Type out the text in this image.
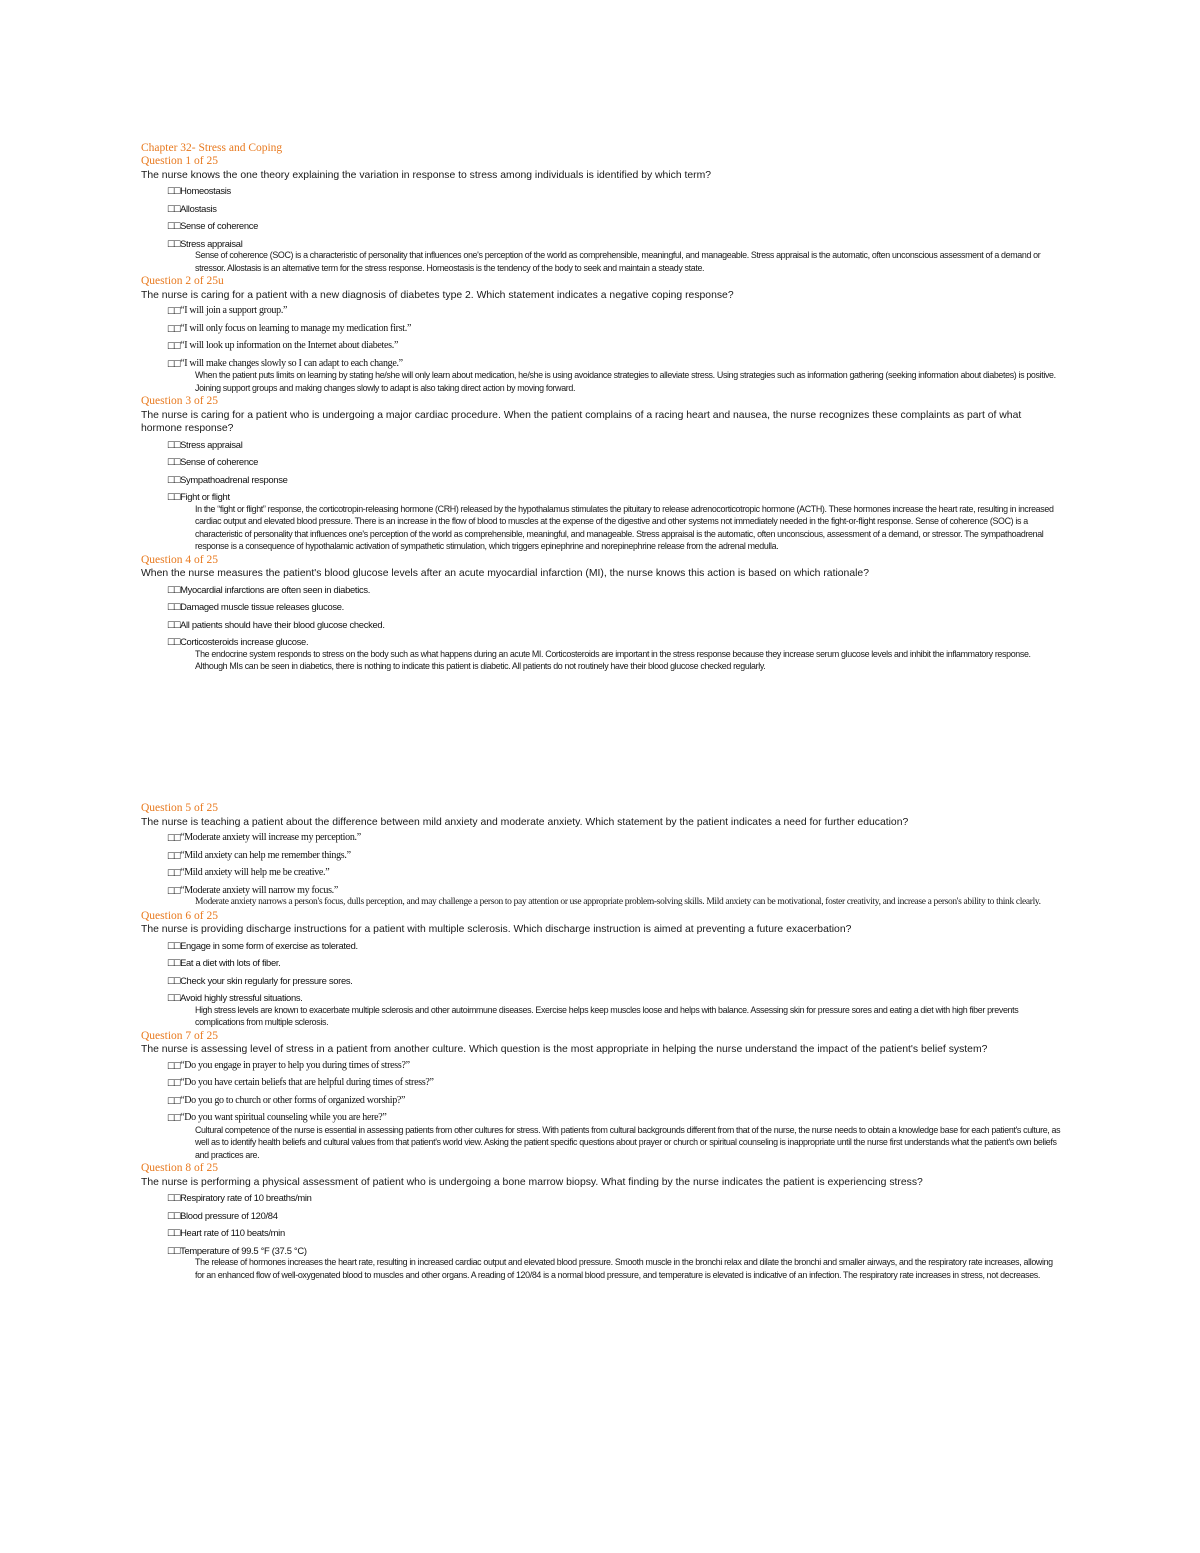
Chapter 32- Stress and Coping

Question 1 of 25

The nurse knows the one theory explaining the variation in response to stress among individuals is identified by which term?

□□ Homeostasis
□□ Allostasis
□□ Sense of coherence
□□ Stress appraisal

Sense of coherence (SOC) is a characteristic of personality that influences one's perception of the world as comprehensible, meaningful, and manageable. Stress appraisal is the automatic, often unconscious assessment of a demand or stressor. Allostasis is an alternative term for the stress response. Homeostasis is the tendency of the body to seek and maintain a steady state.

Question 2 of 25u

The nurse is caring for a patient with a new diagnosis of diabetes type 2. Which statement indicates a negative coping response?

□□ “I will join a support group.”
□□ “I will only focus on learning to manage my medication first.”
□□ “I will look up information on the Internet about diabetes.”
□□ “I will make changes slowly so I can adapt to each change.”

When the patient puts limits on learning by stating he/she will only learn about medication, he/she is using avoidance strategies to alleviate stress. Using strategies such as information gathering (seeking information about diabetes) is positive. Joining support groups and making changes slowly to adapt is also taking direct action by moving forward.

Question 3 of 25

The nurse is caring for a patient who is undergoing a major cardiac procedure. When the patient complains of a racing heart and nausea, the nurse recognizes these complaints as part of what hormone response?

□□ Stress appraisal
□□ Sense of coherence
□□ Sympathoadrenal response
□□ Fight or flight

In the “fight or flight” response, the corticotropin-releasing hormone (CRH) released by the hypothalamus stimulates the pituitary to release adrenocorticotropic hormone (ACTH). These hormones increase the heart rate, resulting in increased cardiac output and elevated blood pressure. There is an increase in the flow of blood to muscles at the expense of the digestive and other systems not immediately needed in the fight-or-flight response. Sense of coherence (SOC) is a characteristic of personality that influences one's perception of the world as comprehensible, meaningful, and manageable. Stress appraisal is the automatic, often unconscious, assessment of a demand, or stressor. The sympathoadrenal response is a consequence of hypothalamic activation of sympathetic stimulation, which triggers epinephrine and norepinephrine release from the adrenal medulla.

Question 4 of 25

When the nurse measures the patient's blood glucose levels after an acute myocardial infarction (MI), the nurse knows this action is based on which rationale?

□□ Myocardial infarctions are often seen in diabetics.
□□ Damaged muscle tissue releases glucose.
□□ All patients should have their blood glucose checked.
□□ Corticosteroids increase glucose.

The endocrine system responds to stress on the body such as what happens during an acute MI. Corticosteroids are important in the stress response because they increase serum glucose levels and inhibit the inflammatory response. Although MIs can be seen in diabetics, there is nothing to indicate this patient is diabetic. All patients do not routinely have their blood glucose checked regularly.

Question 5 of 25

The nurse is teaching a patient about the difference between mild anxiety and moderate anxiety. Which statement by the patient indicates a need for further education?

□□ “Moderate anxiety will increase my perception.”
□□ “Mild anxiety can help me remember things.”
□□ “Mild anxiety will help me be creative.”
□□ “Moderate anxiety will narrow my focus.”

Moderate anxiety narrows a person's focus, dulls perception, and may challenge a person to pay attention or use appropriate problem-solving skills. Mild anxiety can be motivational, foster creativity, and increase a person's ability to think clearly.

Question 6 of 25

The nurse is providing discharge instructions for a patient with multiple sclerosis. Which discharge instruction is aimed at preventing a future exacerbation?

□□ Engage in some form of exercise as tolerated.
□□ Eat a diet with lots of fiber.
□□ Check your skin regularly for pressure sores.
□□ Avoid highly stressful situations.

High stress levels are known to exacerbate multiple sclerosis and other autoimmune diseases. Exercise helps keep muscles loose and helps with balance. Assessing skin for pressure sores and eating a diet with high fiber prevents complications from multiple sclerosis.

Question 7 of 25

The nurse is assessing level of stress in a patient from another culture. Which question is the most appropriate in helping the nurse understand the impact of the patient's belief system?

□□ “Do you engage in prayer to help you during times of stress?”
□□ “Do you have certain beliefs that are helpful during times of stress?”
□□ “Do you go to church or other forms of organized worship?”
□□ “Do you want spiritual counseling while you are here?”

Cultural competence of the nurse is essential in assessing patients from other cultures for stress. With patients from cultural backgrounds different from that of the nurse, the nurse needs to obtain a knowledge base for each patient's culture, as well as to identify health beliefs and cultural values from that patient's world view. Asking the patient specific questions about prayer or church or spiritual counseling is inappropriate until the nurse first understands what the patient's own beliefs and practices are.

Question 8 of 25

The nurse is performing a physical assessment of patient who is undergoing a bone marrow biopsy. What finding by the nurse indicates the patient is experiencing stress?

□□ Respiratory rate of 10 breaths/min
□□ Blood pressure of 120/84
□□ Heart rate of 110 beats/min
□□ Temperature of 99.5 °F (37.5 °C)

The release of hormones increases the heart rate, resulting in increased cardiac output and elevated blood pressure. Smooth muscle in the bronchi relax and dilate the bronchi and smaller airways, and the respiratory rate increases, allowing for an enhanced flow of well-oxygenated blood to muscles and other organs. A reading of 120/84 is a normal blood pressure, and temperature is elevated is indicative of an infection. The respiratory rate increases in stress, not decreases.
